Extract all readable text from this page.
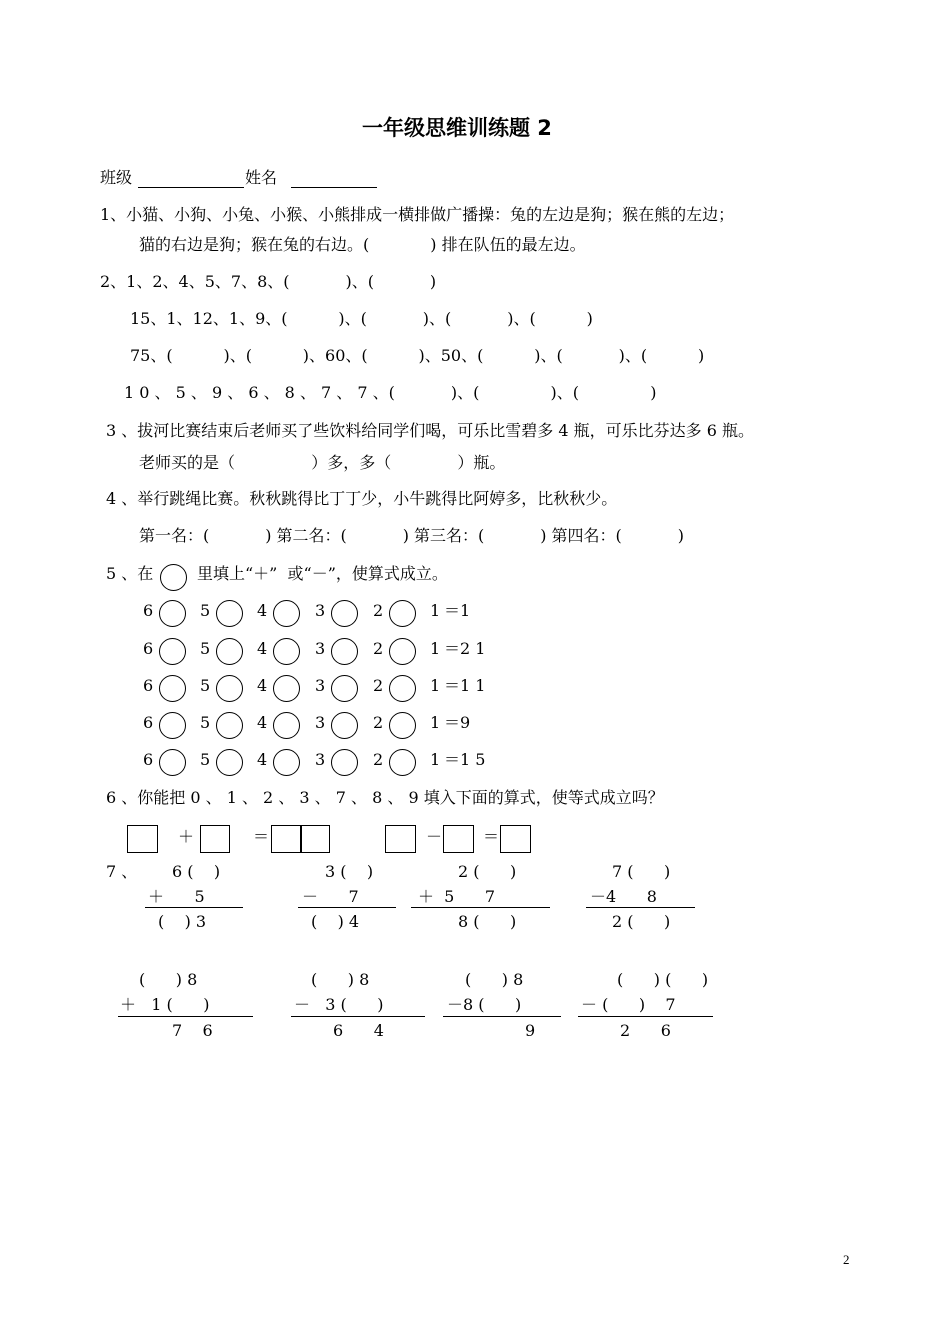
一年级思维训练题 2
班级	姓名
1、小猫、小狗、小兔、小猴、小熊排成一横排做广播操：兔的左边是狗；猴在熊的左边；
猫的右边是狗；猴在兔的右边。(            ) 排在队伍的最左边。
2、1、2、4、5、7、8、(           )、(           )
15、1、12、1、9、(          )、(           )、(           )、(          )
75、(          )、(          )、60、(          )、50、(          )、(           )、(          )
1 0 、 5 、 9 、 6 、 8 、 7 、 7 、(           )、(              )、(              )
3 、拔河比赛结束后老师买了些饮料给同学们喝，可乐比雪碧多 4 瓶，可乐比芬达多 6 瓶。
老师买的是（               ）多，多（             ）瓶。
4 、举行跳绳比赛。秋秋跳得比丁丁少，小牛跳得比阿婷多，比秋秋少。
第一名：(           ) 第二名：(           ) 第三名：(           ) 第四名：(           )
5 、在	里填上“＋”  或“－”，使算式成立。
6	5	4	3	2	1 ＝1
6	5	4	3	2	1 ＝2 1
6	5	4	3	2	1 ＝1 1
6	5	4	3	2	1 ＝9
6	5	4	3	2	1 ＝1 5
6 、你能把 0 、 1 、 2 、 3 、 7 、 8 、 9 填入下面的算式，使等式成立吗？
＋	＝	－	＝
7 、 6 (    )
＋      5
(    ) 3
3 (    )
－      7
(    ) 4
2 (      )
＋  5      7
8 (      )
7 (      )
－4      8
2 (      )
(      ) 8
＋   1 (      )
7    6
(      ) 8
－   3 (      )
6      4
(      ) 8
－8 (      )
9
(      ) (      )
－ (      )    7
2      6
2
